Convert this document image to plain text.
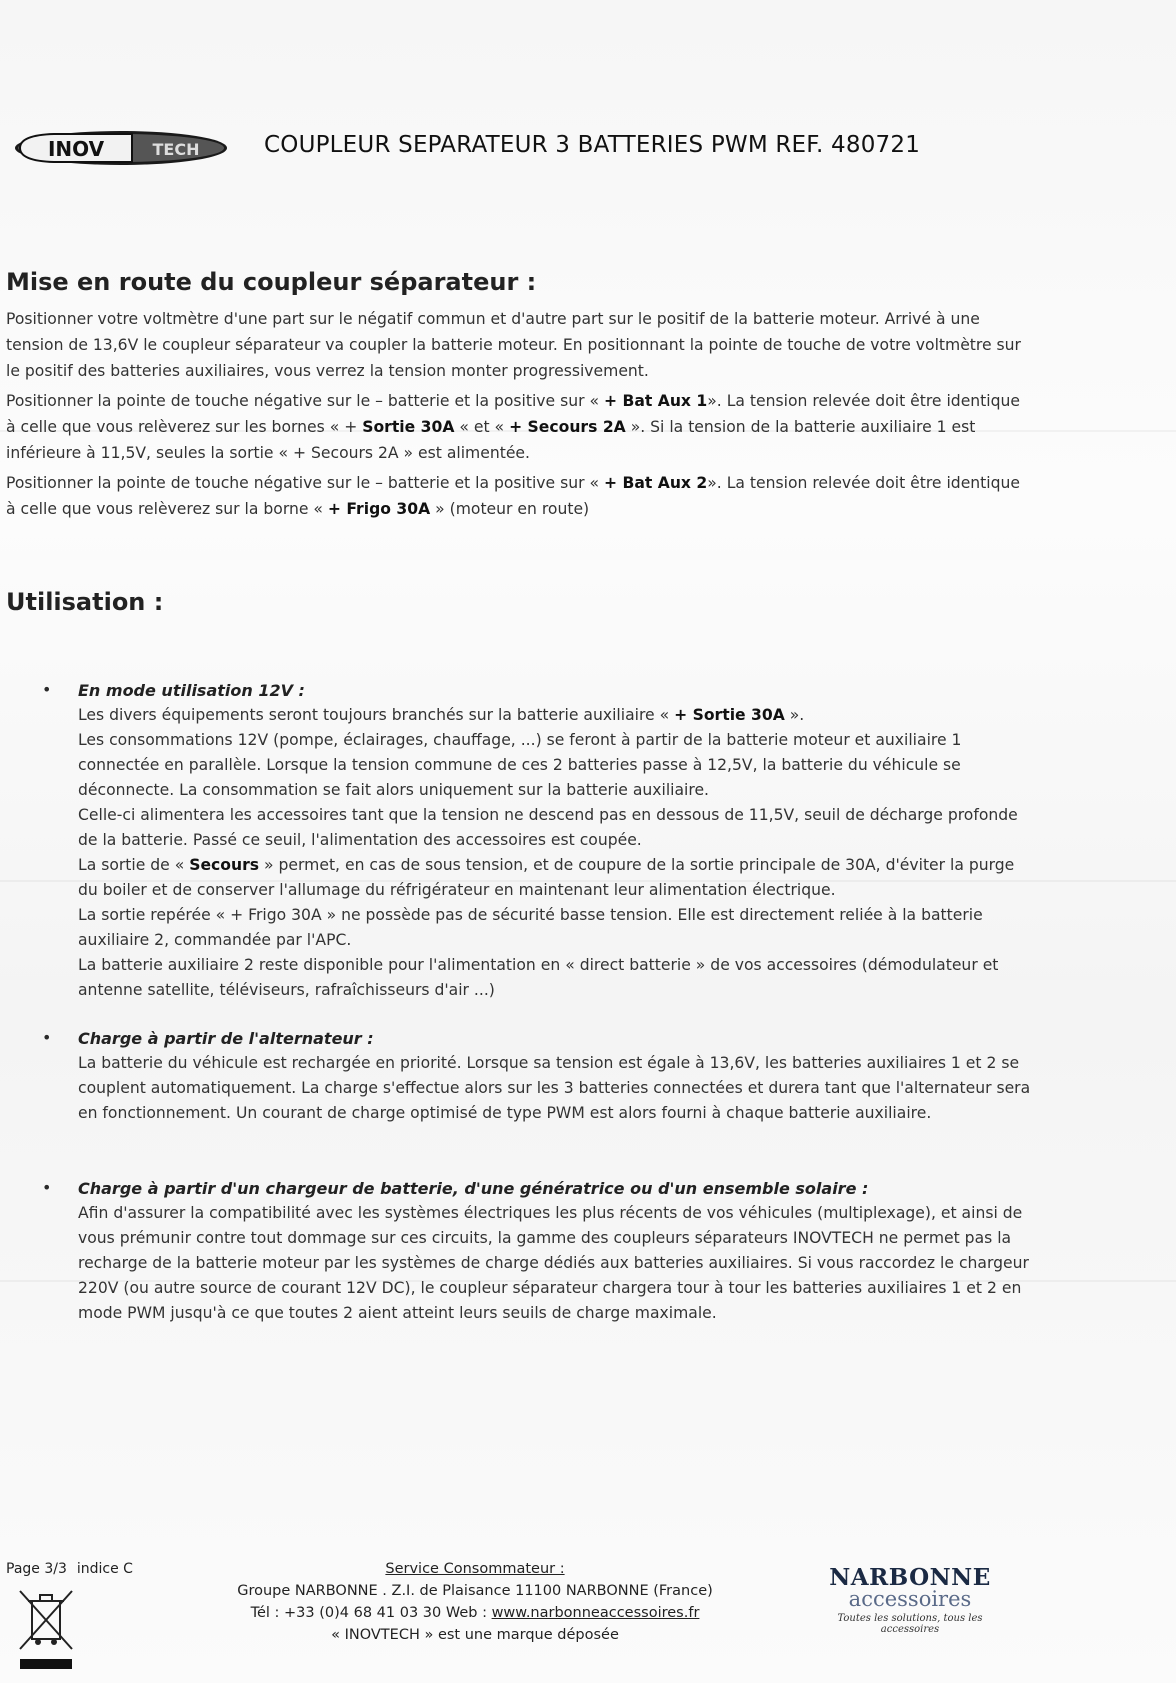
INOV	TECH	COUPLEUR SEPARATEUR 3 BATTERIES PWM REF. 480721
Mise en route du coupleur séparateur :

Positionner votre voltmètre d'une part sur le négatif commun et d'autre part sur le positif de la batterie moteur. Arrivé à une tension de 13,6V le coupleur séparateur va coupler la batterie moteur. En positionnant la pointe de touche de votre voltmètre sur le positif des batteries auxiliaires, vous verrez la tension monter progressivement.

Positionner la pointe de touche négative sur le – batterie et la positive sur « + Bat Aux 1». La tension relevée doit être identique à celle que vous relèverez sur les bornes « + Sortie 30A « et « + Secours 2A ». Si la tension de la batterie auxiliaire 1 est inférieure à 11,5V, seules la sortie « + Secours 2A » est alimentée.

Positionner la pointe de touche négative sur le – batterie et la positive sur « + Bat Aux 2». La tension relevée doit être identique à celle que vous relèverez sur la borne « + Frigo 30A » (moteur en route)

Utilisation :
• En mode utilisation 12V :

Les divers équipements seront toujours branchés sur la batterie auxiliaire « + Sortie 30A ».

Les consommations 12V (pompe, éclairages, chauffage, ...) se feront à partir de la batterie moteur et auxiliaire 1 connectée en parallèle. Lorsque la tension commune de ces 2 batteries passe à 12,5V, la batterie du véhicule se déconnecte. La consommation se fait alors uniquement sur la batterie auxiliaire.

Celle-ci alimentera les accessoires tant que la tension ne descend pas en dessous de 11,5V, seuil de décharge profonde de la batterie. Passé ce seuil, l'alimentation des accessoires est coupée.

La sortie de « Secours » permet, en cas de sous tension, et de coupure de la sortie principale de 30A, d'éviter la purge du boiler et de conserver l'allumage du réfrigérateur en maintenant leur alimentation électrique.

La sortie repérée « + Frigo 30A » ne possède pas de sécurité basse tension. Elle est directement reliée à la batterie auxiliaire 2, commandée par l'APC.

La batterie auxiliaire 2 reste disponible pour l'alimentation en « direct batterie » de vos accessoires (démodulateur et antenne satellite, téléviseurs, rafraîchisseurs d'air ...)

• Charge à partir de l'alternateur :

La batterie du véhicule est rechargée en priorité. Lorsque sa tension est égale à 13,6V, les batteries auxiliaires 1 et 2 se couplent automatiquement. La charge s'effectue alors sur les 3 batteries connectées et durera tant que l'alternateur sera en fonctionnement. Un courant de charge optimisé de type PWM est alors fourni à chaque batterie auxiliaire.

• Charge à partir d'un chargeur de batterie, d'une génératrice ou d'un ensemble solaire :

Afin d'assurer la compatibilité avec les systèmes électriques les plus récents de vos véhicules (multiplexage), et ainsi de vous prémunir contre tout dommage sur ces circuits, la gamme des coupleurs séparateurs INOVTECH ne permet pas la recharge de la batterie moteur par les systèmes de charge dédiés aux batteries auxiliaires. Si vous raccordez le chargeur 220V (ou autre source de courant 12V DC), le coupleur séparateur chargera tour à tour les batteries auxiliaires 1 et 2 en mode PWM jusqu'à ce que toutes 2 aient atteint leurs seuils de charge maximale.

Page 3/3 indice C	Service Consommateur :
Groupe NARBONNE . Z.I. de Plaisance 11100 NARBONNE (France)
Tél : +33 (0)4 68 41 03 30 Web : www.narbonneaccessoires.fr
« INOVTECH » est une marque déposée
NARBONNE
accessoires
Toutes les solutions, tous les accessoires
